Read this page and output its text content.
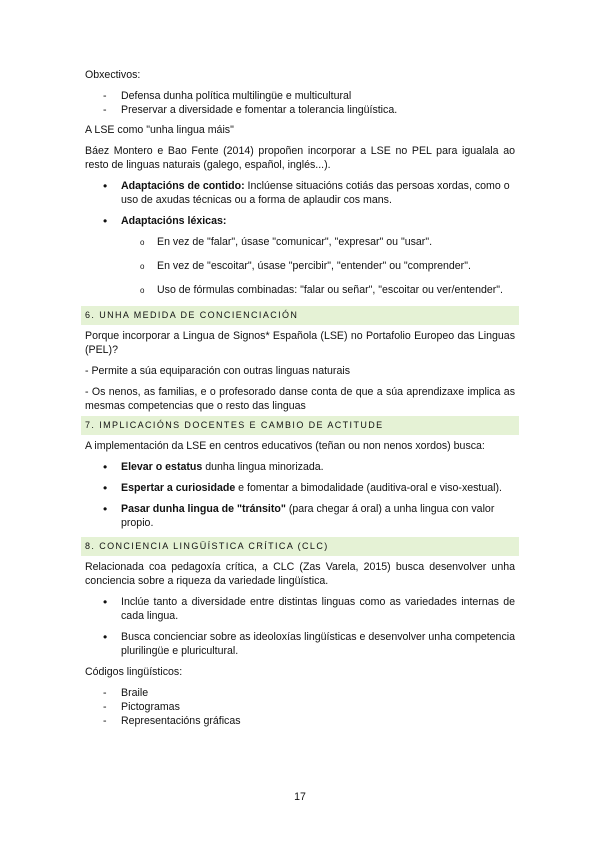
Obxectivos:

- Defensa dunha política multilingüe e multicultural
- Preservar a diversidade e fomentar a tolerancia lingüística.

A LSE como "unha lingua máis"

Báez Montero e Bao Fente (2014) propoñen incorporar a LSE no PEL para igualala ao resto de linguas naturais (galego, español, inglés...).

• Adaptacións de contido: Inclúense situacións cotiás das persoas xordas, como o uso de axudas técnicas ou a forma de aplaudir cos mans.
• Adaptacións léxicas:
o En vez de "falar", úsase "comunicar", "expresar" ou "usar".
o En vez de "escoitar", úsase "percibir", "entender" ou "comprender".
o Uso de fórmulas combinadas: "falar ou señar", "escoitar ou ver/entender".
6. UNHA MEDIDA DE CONCIENCIACIÓN

Porque incorporar a Lingua de Signos* Española (LSE) no Portafolio Europeo das Linguas (PEL)?

- Permite a súa equiparación con outras linguas naturais

- Os nenos, as familias, e o profesorado danse conta de que a súa aprendizaxe implica as mesmas competencias que o resto das linguas

7. IMPLICACIÓNS DOCENTES E CAMBIO DE ACTITUDE

A implementación da LSE en centros educativos (teñan ou non nenos xordos) busca:

• Elevar o estatus dunha lingua minorizada.
• Espertar a curiosidade e fomentar a bimodalidade (auditiva-oral e viso-xestual).
• Pasar dunha lingua de "tránsito" (para chegar á oral) a unha lingua con valor propio.
8. CONCIENCIA LINGÜÍSTICA CRÍTICA (CLC)

Relacionada coa pedagoxía crítica, a CLC (Zas Varela, 2015) busca desenvolver unha conciencia sobre a riqueza da variedade lingüística.

• Inclúe tanto a diversidade entre distintas linguas como as variedades internas de cada lingua.
• Busca concienciar sobre as ideoloxías lingüísticas e desenvolver unha competencia plurilingüe e pluricultural.

Códigos lingüísticos:

- Braile
- Pictogramas
- Representacións gráficas
17
